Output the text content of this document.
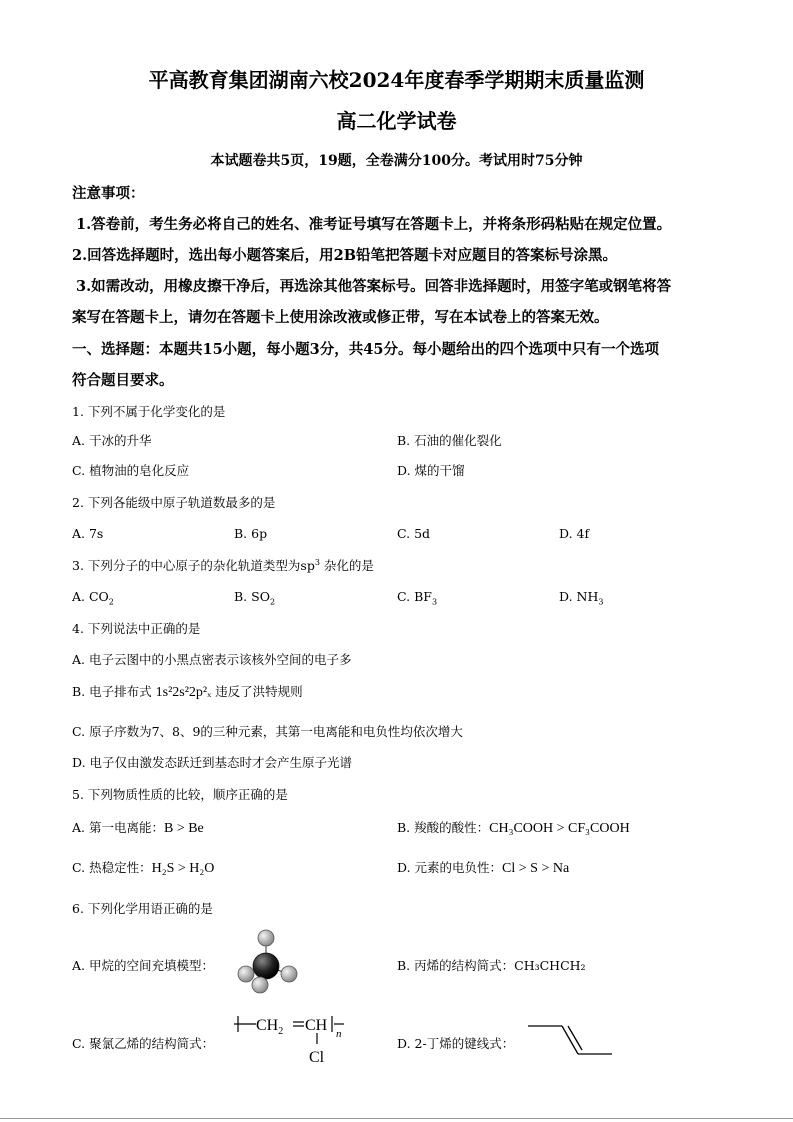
平高教育集团湖南六校2024年度春季学期期末质量监测
高二化学试卷
本试题卷共5页，19题，全卷满分100分。考试用时75分钟
注意事项：
1.答卷前，考生务必将自己的姓名、准考证号填写在答题卡上，并将条形码粘贴在规定位置。
2.回答选择题时，选出每小题答案后，用2B铅笔把答题卡对应题目的答案标号涂黑。
3.如需改动，用橡皮擦干净后，再选涂其他答案标号。回答非选择题时，用签字笔或钢笔将答
案写在答题卡上，请勿在答题卡上使用涂改液或修正带，写在本试卷上的答案无效。
一、选择题：本题共15小题，每小题3分，共45分。每小题给出的四个选项中只有一个选项
符合题目要求。
1. 下列不属于化学变化的是
A. 干冰的升华	B. 石油的催化裂化
C. 植物油的皂化反应	D. 煤的干馏
2. 下列各能级中原子轨道数最多的是
A. 7s	B. 6p	C. 5d	D. 4f
3. 下列分子的中心原子的杂化轨道类型为$sp^3$ 杂化的是
A. $CO_2$	B. $SO_2$	C. $BF_3$	D. $NH_3$
4. 下列说法中正确的是
A. 电子云图中的小黑点密表示该核外空间的电子多
B. 电子排布式 1s²2s²2p²ₓ 违反了洪特规则
C. 原子序数为7、8、9的三种元素，其第一电离能和电负性均依次增大
D. 电子仅由激发态跃迁到基态时才会产生原子光谱
5. 下列物质性质的比较，顺序正确的是
A. 第一电离能：B > Be	B. 羧酸的酸性：CH₃COOH > CF₃COOH
C. 热稳定性：H₂S > H₂O	D. 元素的电负性：Cl > S > Na
6. 下列化学用语正确的是
A. 甲烷的空间充填模型：	B. 丙烯的结构简式：CH₃CHCH₂
C. 聚氯乙烯的结构简式：
$CH_2$ CH n
Cl
D. 2-丁烯的键线式：
